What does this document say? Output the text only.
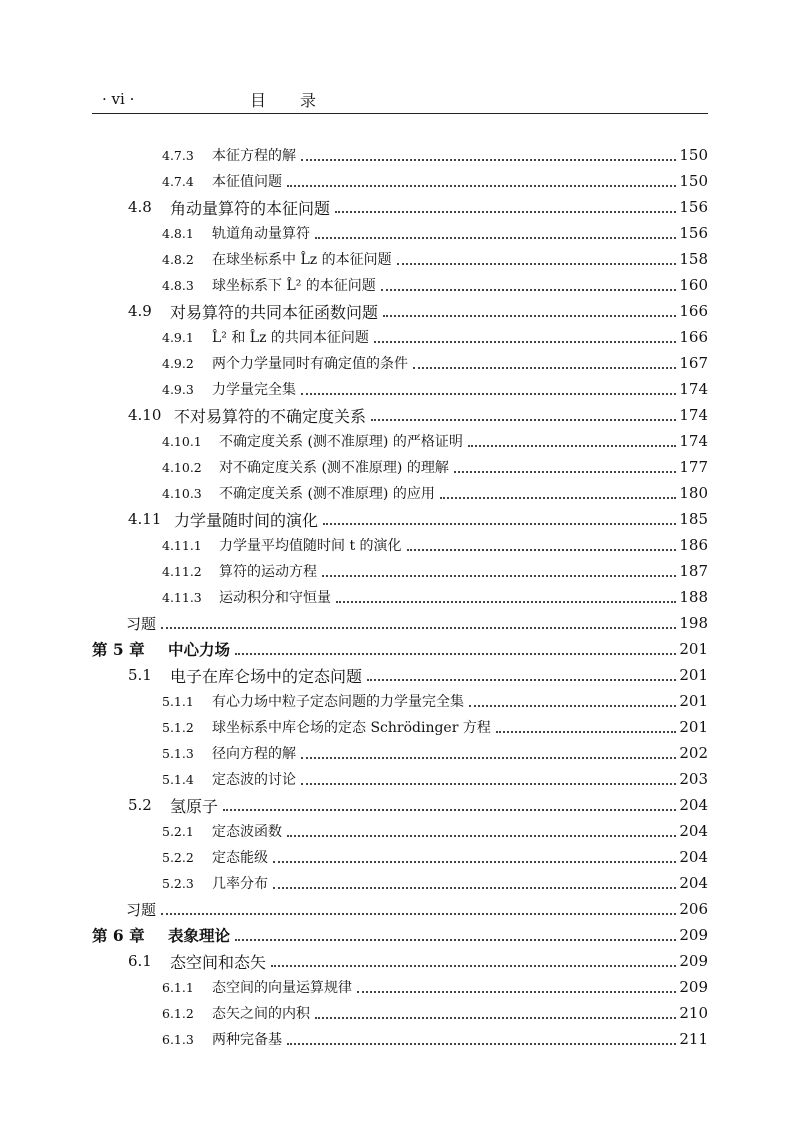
· vi ·	目录
4.7.3	本征方程的解	150
4.7.4	本征值问题	150
4.8	角动量算符的本征问题	156
4.8.1	轨道角动量算符	156
4.8.2	在球坐标系中 L̂z 的本征问题	158
4.8.3	球坐标系下 L̂² 的本征问题	160
4.9	对易算符的共同本征函数问题	166
4.9.1	L̂² 和 L̂z 的共同本征问题	166
4.9.2	两个力学量同时有确定值的条件	167
4.9.3	力学量完全集	174
4.10 不对易算符的不确定度关系	174
4.10.1	不确定度关系 (测不准原理) 的严格证明	174
4.10.2	对不确定度关系 (测不准原理) 的理解	177
4.10.3	不确定度关系 (测不准原理) 的应用	180
4.11 力学量随时间的演化	185
4.11.1	力学量平均值随时间 t 的演化	186
4.11.2	算符的运动方程	187
4.11.3	运动积分和守恒量	188
习题	198
第 5 章	中心力场	201
5.1	电子在库仑场中的定态问题	201
5.1.1	有心力场中粒子定态问题的力学量完全集	201
5.1.2	球坐标系中库仑场的定态 Schrödinger 方程	201
5.1.3	径向方程的解	202
5.1.4	定态波的讨论	203
5.2	氢原子	204
5.2.1	定态波函数	204
5.2.2	定态能级	204
5.2.3	几率分布	204
习题	206
第 6 章	表象理论	209
6.1	态空间和态矢	209
6.1.1	态空间的向量运算规律	209
6.1.2	态矢之间的内积	210
6.1.3	两种完备基	211
